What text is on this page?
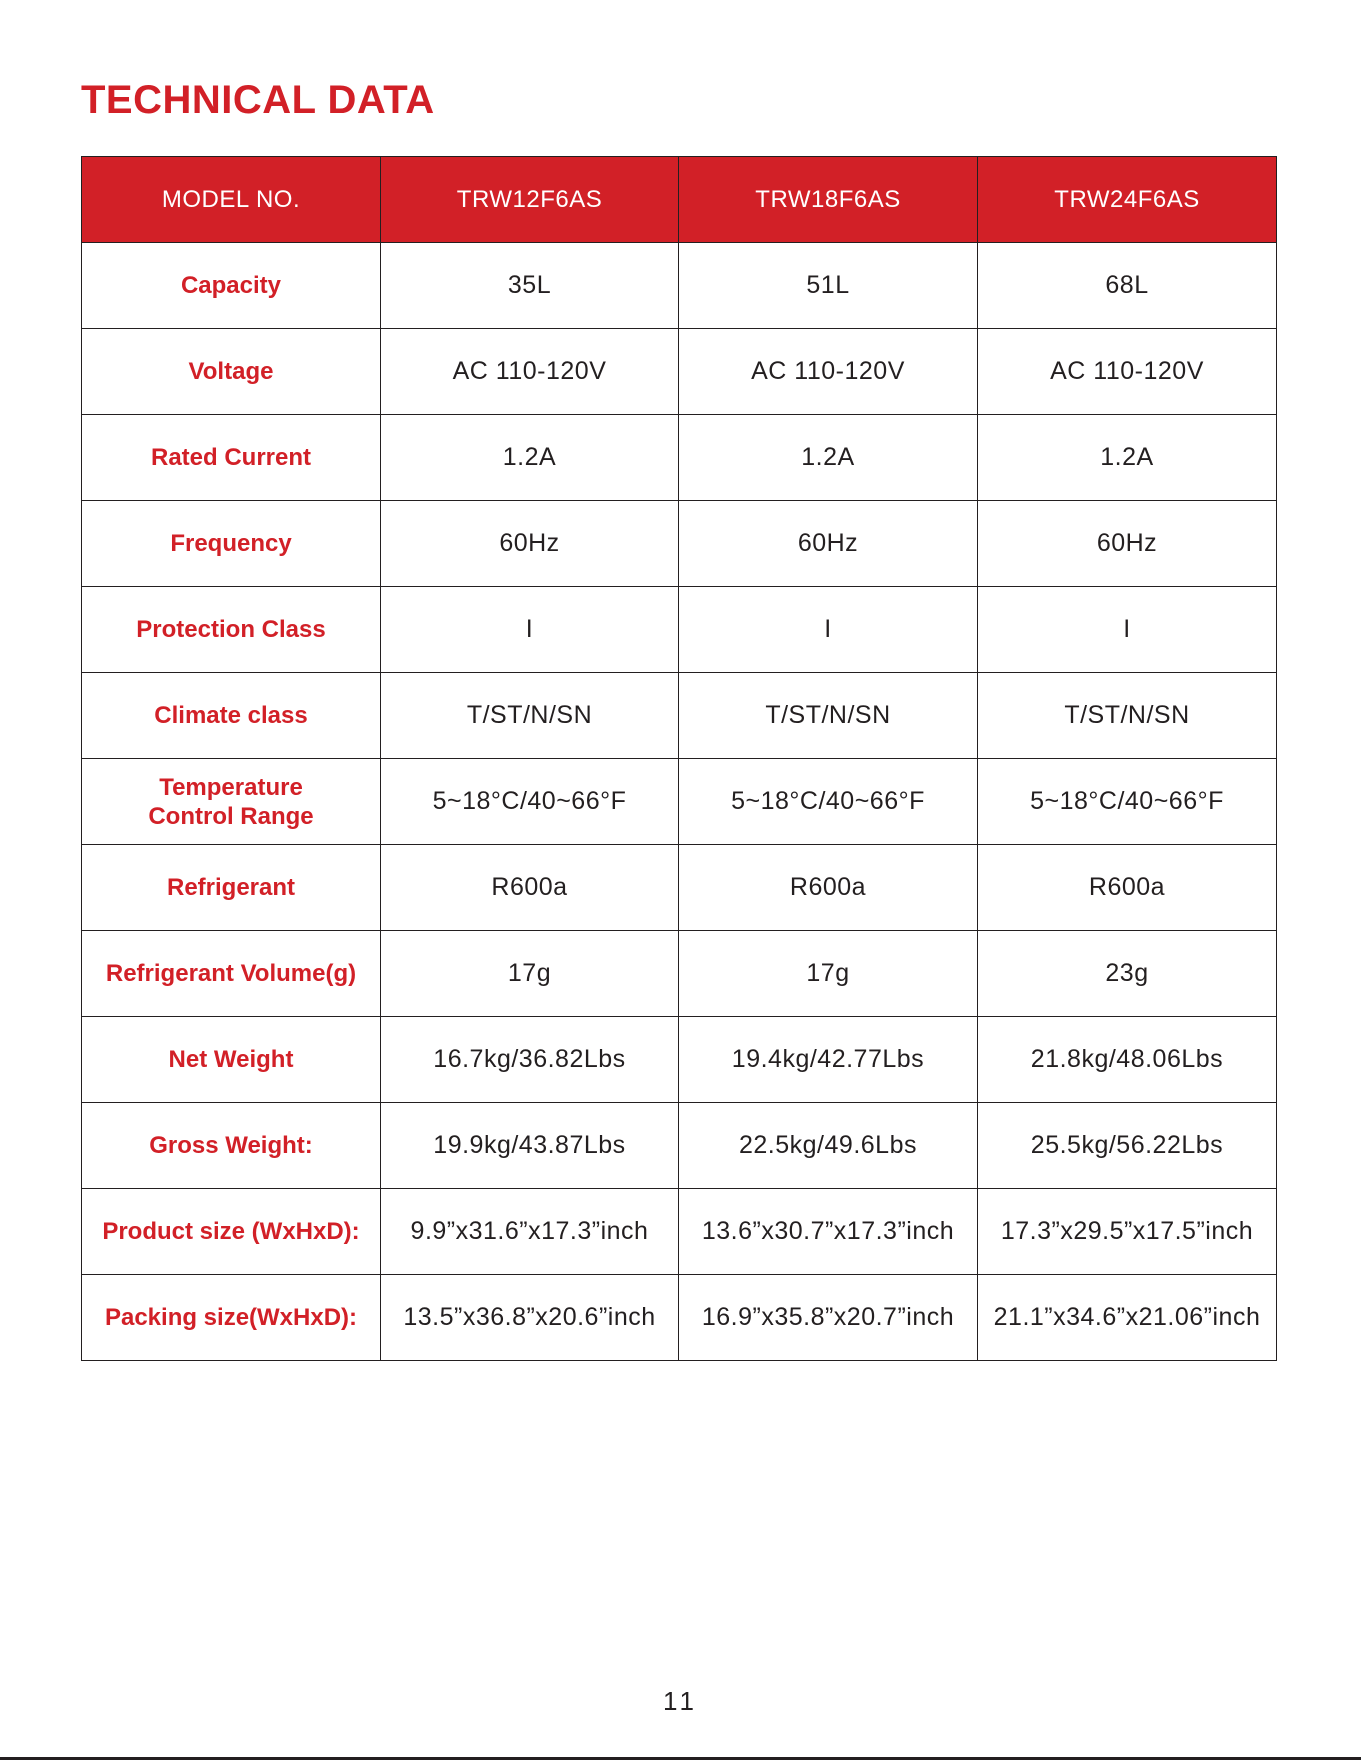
TECHNICAL DATA
MODEL NO.	TRW12F6AS	TRW18F6AS	TRW24F6AS
Capacity	35L	51L	68L
Voltage	AC 110-120V	AC 110-120V	AC 110-120V
Rated Current	1.2A	1.2A	1.2A
Frequency	60Hz	60Hz	60Hz
Protection Class	I	I	I
Climate class	T/ST/N/SN	T/ST/N/SN	T/ST/N/SN
Temperature
Control Range	5~18°C/40~66°F	5~18°C/40~66°F	5~18°C/40~66°F
Refrigerant	R600a	R600a	R600a
Refrigerant Volume(g)	17g	17g	23g
Net Weight	16.7kg/36.82Lbs	19.4kg/42.77Lbs	21.8kg/48.06Lbs
Gross Weight:	19.9kg/43.87Lbs	22.5kg/49.6Lbs	25.5kg/56.22Lbs
Product size (WxHxD):	9.9”x31.6”x17.3”inch	13.6”x30.7”x17.3”inch	17.3”x29.5”x17.5”inch
Packing size(WxHxD):	13.5”x36.8”x20.6”inch	16.9”x35.8”x20.7”inch	21.1”x34.6”x21.06”inch
11
